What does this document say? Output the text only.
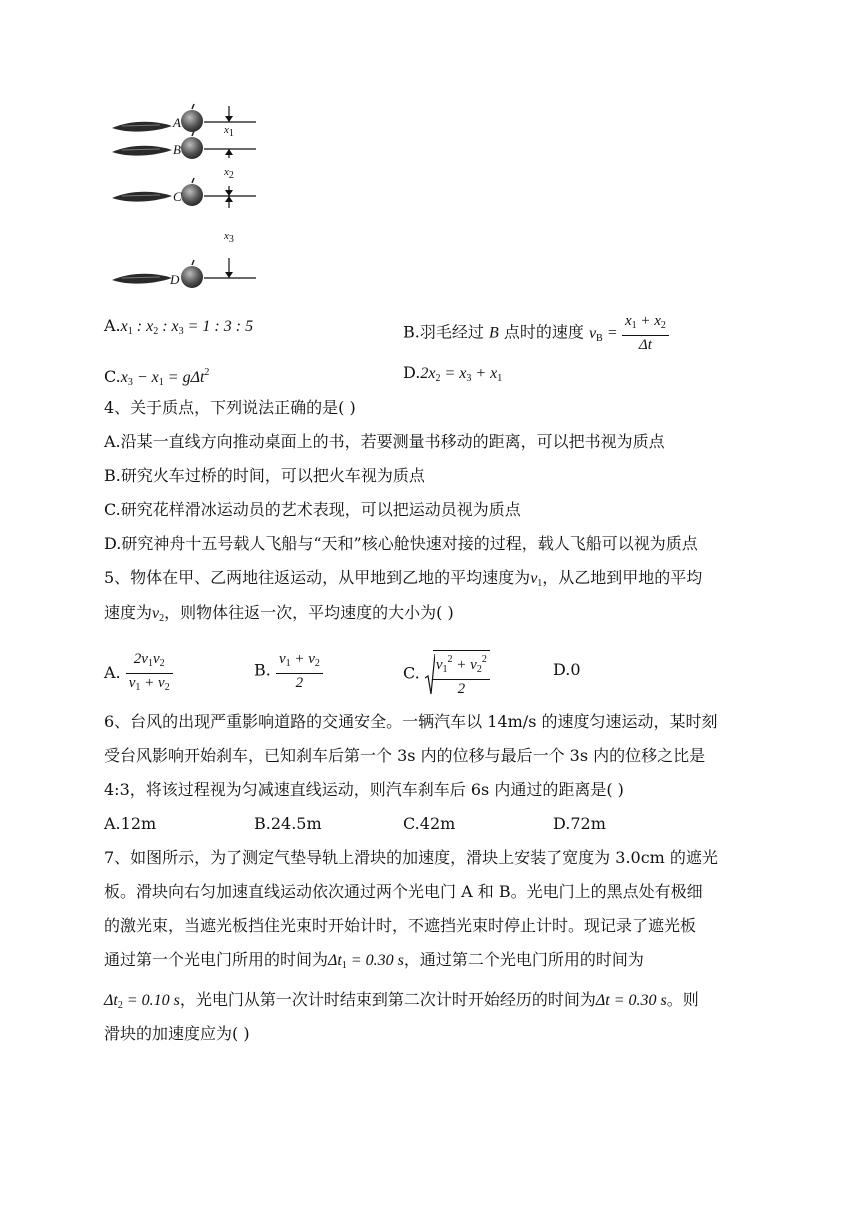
A
B
C
D
$x_1$
$x_2$
$x_3$
$A.x_1$ : $x_2$ : $x_3 = 1$ : 3 : 5	B.羽毛经过 B 点时的速度 $v_B = \frac{x_1 + x_2}{\Delta t}$
$C.x_3 - x_1 = g\Delta t^2$	$D.2x_2 = x_3 + x_1$
4、关于质点，下列说法正确的是( )
A.沿某一直线方向推动桌面上的书，若要测量书移动的距离，可以把书视为质点
B.研究火车过桥的时间，可以把火车视为质点
C.研究花样滑冰运动员的艺术表现，可以把运动员视为质点
D.研究神舟十五号载人飞船与“天和”核心舱快速对接的过程，载人飞船可以视为质点
5、物体在甲、乙两地往返运动，从甲地到乙地的平均速度为$v_1$，从乙地到甲地的平均
速度为$v_2$，则物体往返一次，平均速度的大小为( )
A. $\frac{2v_1v_2}{v_1 + v_2}$	B. $\frac{v_1 + v_2}{2}$	C. $\frac{v_1^2 + v_2^2}{2}$	D.0
6、台风的出现严重影响道路的交通安全。一辆汽车以 14m/s 的速度匀速运动，某时刻
受台风影响开始刹车，已知刹车后第一个 3s 内的位移与最后一个 3s 内的位移之比是
4:3，将该过程视为匀减速直线运动，则汽车刹车后 6s 内通过的距离是( )
A.12m	B.24.5m	C.42m	D.72m
7、如图所示，为了测定气垫导轨上滑块的加速度，滑块上安装了宽度为 3.0cm 的遮光
板。滑块向右匀加速直线运动依次通过两个光电门 A 和 B。光电门上的黑点处有极细
的激光束，当遮光板挡住光束时开始计时，不遮挡光束时停止计时。现记录了遮光板
通过第一个光电门所用的时间为$\Delta t_1 = 0.30$ s，通过第二个光电门所用的时间为
$\Delta t_2 = 0.10$ s，光电门从第一次计时结束到第二次计时开始经历的时间为Δt = 0.30 s。则
滑块的加速度应为( )
